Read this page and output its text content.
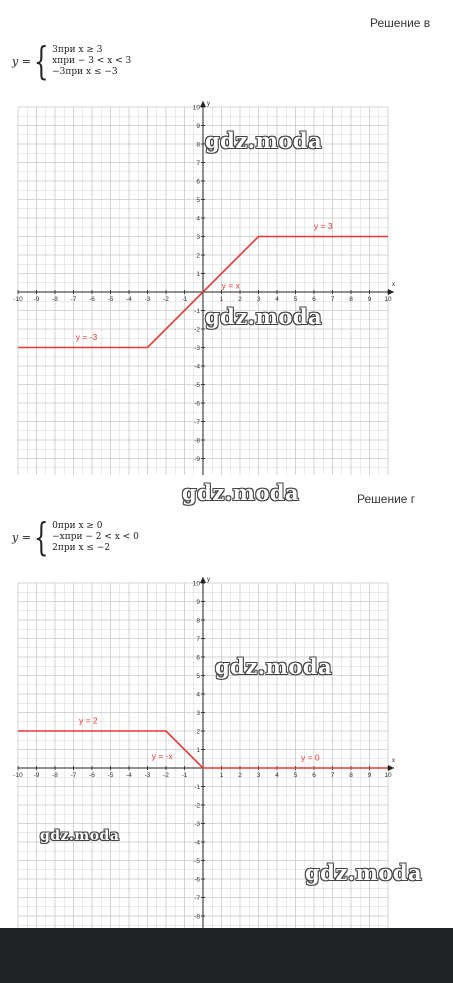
Решение в
y = { 3при x ≥ 3
xпри − 3 < x < 3
−3при x ≤ −3
x
y
-10 -9 -8 -7 -6 -5 -4 -3 -2 -1	1 2 3 4 5 6 7 8 9 10
-9
-8
-7
-6
-5
-4
-3
-2
-1
1
2
3
4
5
6
7
8
9
10
y = 3
y = x
y = -3
Решение г
y = { 0при x ≥ 0
−xпри − 2 < x < 0
2при x ≤ −2
x
y
-10 -9 -8 -7 -6 -5 -4 -3 -2 -1	1 2 3 4 5 6 7 8 9 10
-8
-7
-6
-5
-4
-3
-2
-1
1
2
3
4
5
6
7
8
9
10
y = 2
y = -x	y = 0
gdz.moda
gdz.moda
gdz.moda
gdz.moda
gdz.moda
gdz.moda
